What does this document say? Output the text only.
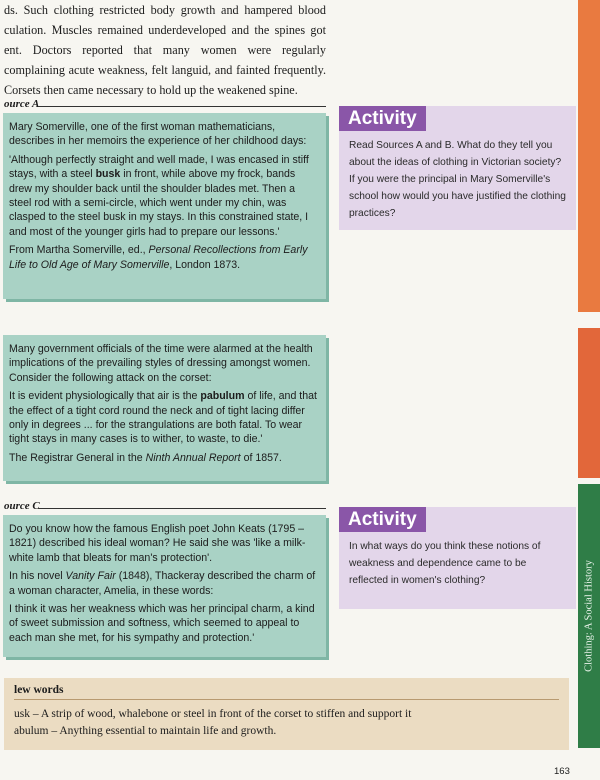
Clothing: A Social History
ds. Such clothing restricted body growth and hampered blood culation. Muscles remained underdeveloped and the spines got ent. Doctors reported that many women were regularly complaining acute weakness, felt languid, and fainted frequently. Corsets then came necessary to hold up the weakened spine.
ource A

Mary Somerville, one of the first woman mathematicians, describes in her memoirs the experience of her childhood days:

'Although perfectly straight and well made, I was encased in stiff stays, with a steel busk in front, while above my frock, bands drew my shoulder back until the shoulder blades met. Then a steel rod with a semi-circle, which went under my chin, was clasped to the steel busk in my stays. In this constrained state, I and most of the younger girls had to prepare our lessons.'

From Martha Somerville, ed., Personal Recollections from Early Life to Old Age of Mary Somerville, London 1873.

Activity
Read Sources A and B. What do they tell you about the ideas of clothing in Victorian society? If you were the principal in Mary Somerville's school how would you have justified the clothing practices?

Many government officials of the time were alarmed at the health implications of the prevailing styles of dressing amongst women. Consider the following attack on the corset:

It is evident physiologically that air is the pabulum of life, and that the effect of a tight cord round the neck and of tight lacing differ only in degrees ... for the strangulations are both fatal. To wear tight stays in many cases is to wither, to waste, to die.'

The Registrar General in the Ninth Annual Report of 1857.

ource C

Do you know how the famous English poet John Keats (1795 – 1821) described his ideal woman? He said she was 'like a milk-white lamb that bleats for man's protection'.

In his novel Vanity Fair (1848), Thackeray described the charm of a woman character, Amelia, in these words:

I think it was her weakness which was her principal charm, a kind of sweet submission and softness, which seemed to appeal to each man she met, for his sympathy and protection.'

Activity
In what ways do you think these notions of weakness and dependence came to be reflected in women's clothing?
lew words

usk – A strip of wood, whalebone or steel in front of the corset to stiffen and support it

abulum – Anything essential to maintain life and growth.

163
